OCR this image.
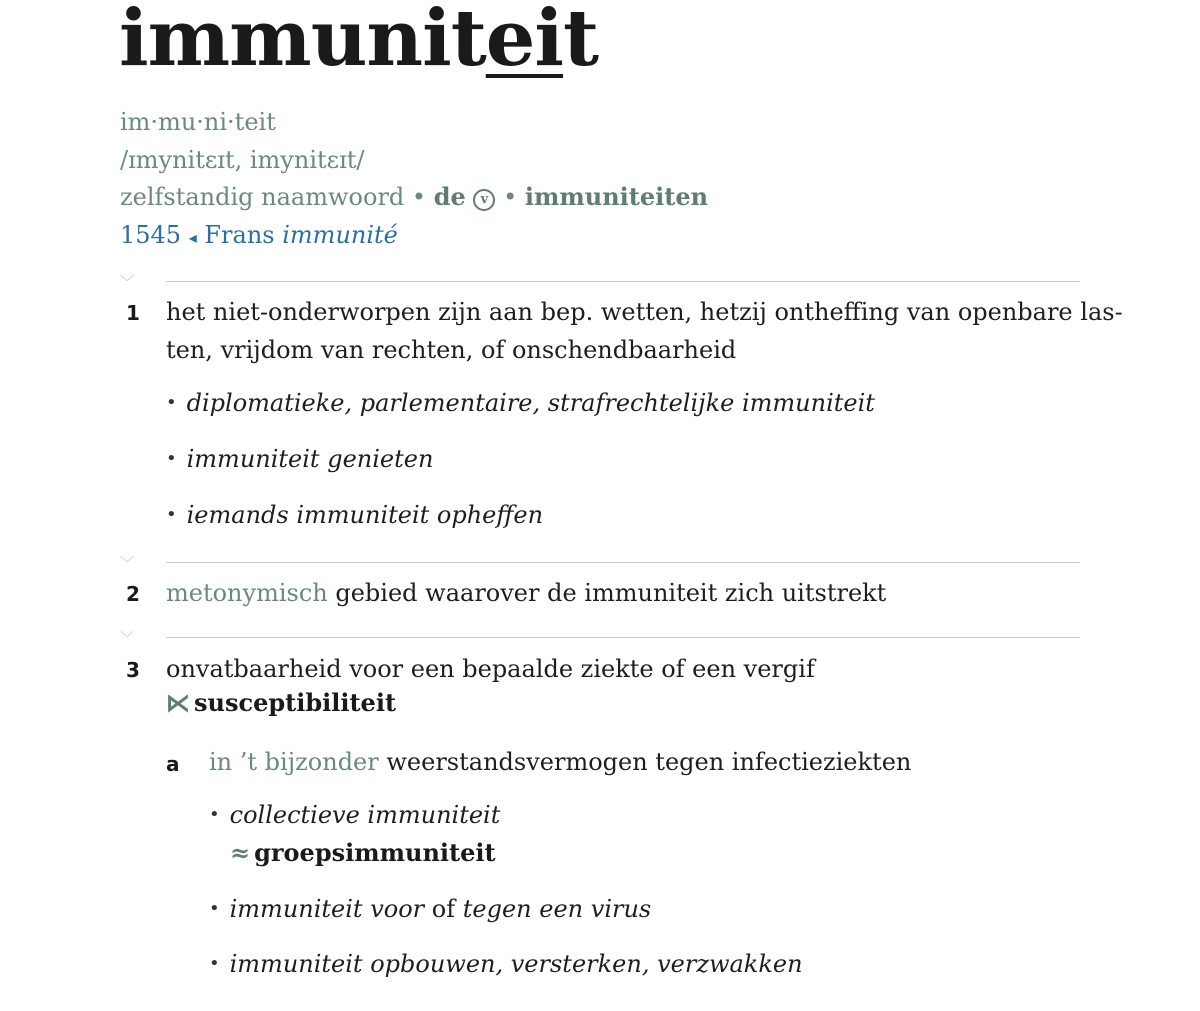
immuniteit
im·mu·ni·teit
/ɪmynitɛɪt, imynitɛɪt/
zelfstandig naamwoord • de v • immuniteiten
1545 ◂ Frans immunité
﹀
1 het niet-onderworpen zijn aan bep. wetten, hetzij ontheffing van openbare las-
ten, vrijdom van rechten, of onschendbaarheid
• diplomatieke, parlementaire, strafrechtelijke immuniteit
• immuniteit genieten
• iemands immuniteit opheffen
﹀
2 metonymisch gebied waarover de immuniteit zich uitstrekt
﹀
3 onvatbaarheid voor een bepaalde ziekte of een vergif
⋉ susceptibiliteit
a in ’t bijzonder weerstandsvermogen tegen infectieziekten
• collectieve immuniteit
≈ groepsimmuniteit
• immuniteit voor of tegen een virus
• immuniteit opbouwen, versterken, verzwakken
